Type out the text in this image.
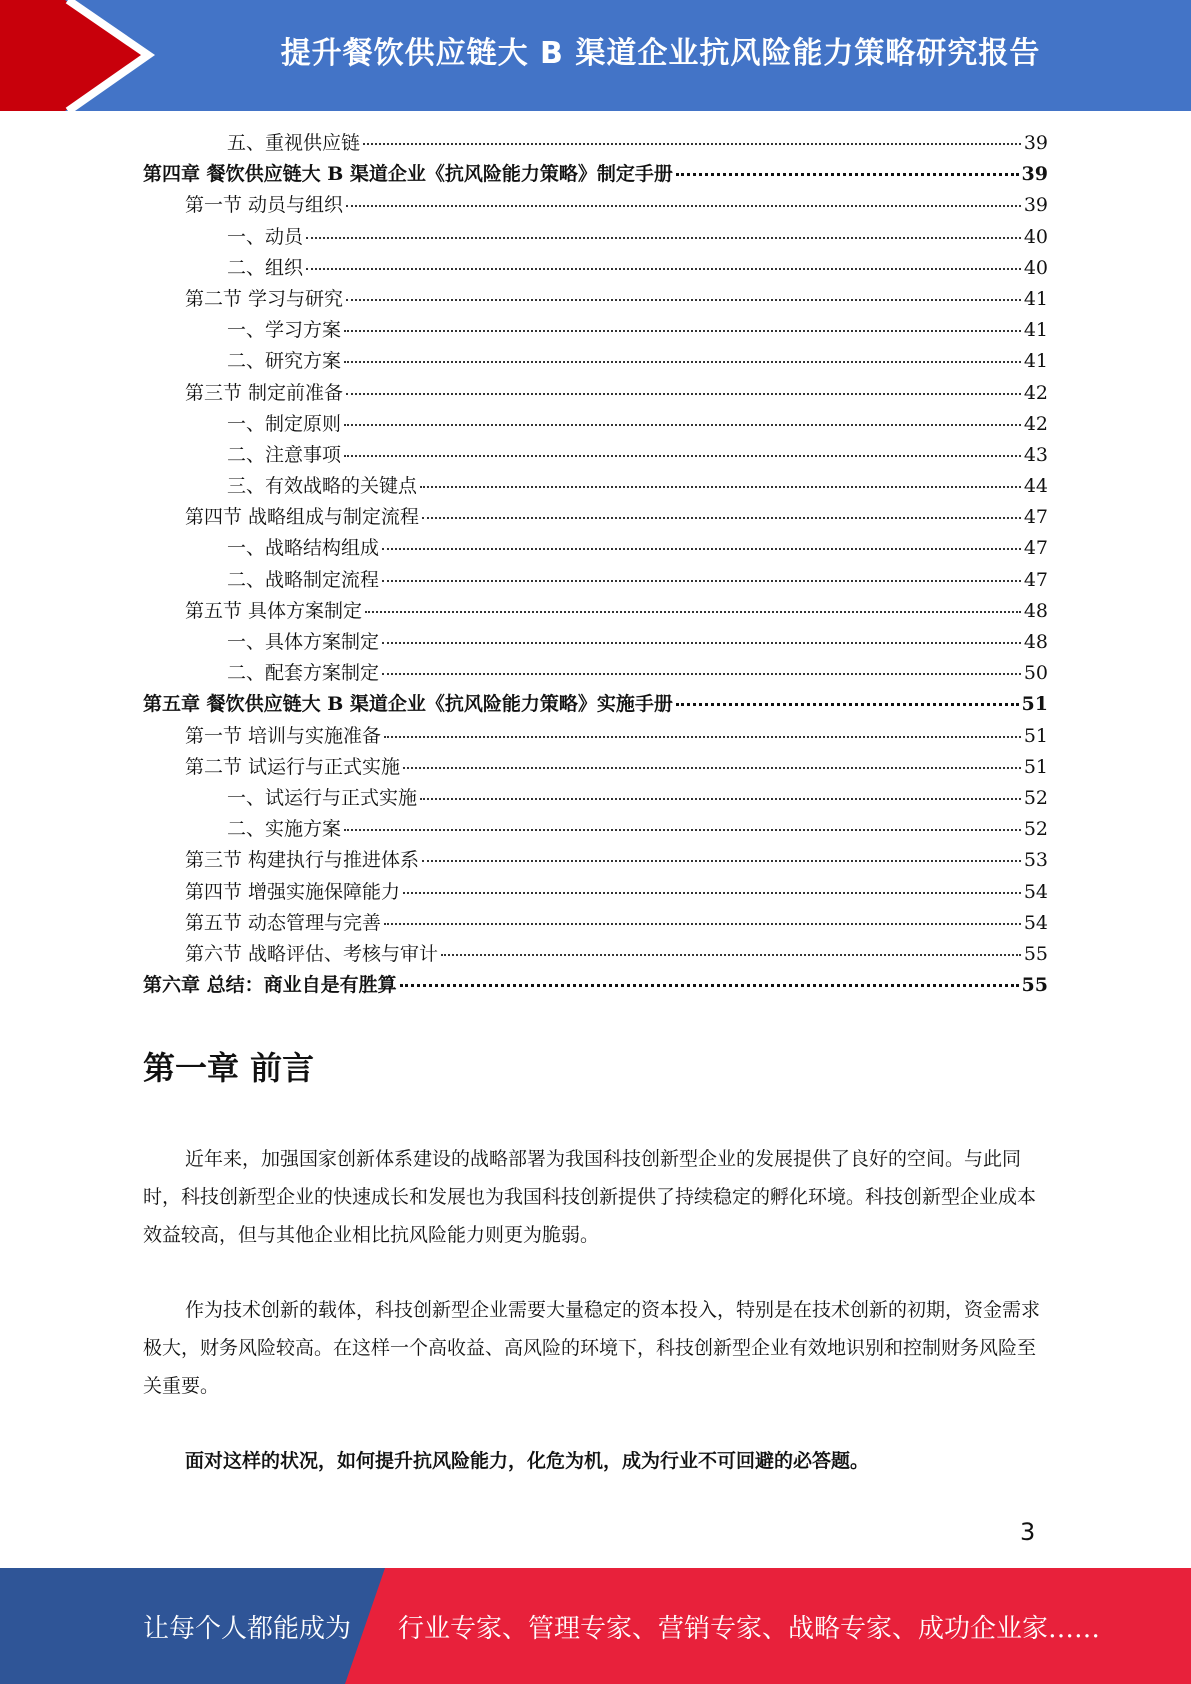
提升餐饮供应链大 B 渠道企业抗风险能力策略研究报告
五、重视供应链	39
第四章 餐饮供应链大 B 渠道企业《抗风险能力策略》制定手册	39
第一节 动员与组织	39
一、动员	40
二、组织	40
第二节 学习与研究	41
一、学习方案	41
二、研究方案	41
第三节 制定前准备	42
一、制定原则	42
二、注意事项	43
三、有效战略的关键点	44
第四节 战略组成与制定流程	47
一、战略结构组成	47
二、战略制定流程	47
第五节 具体方案制定	48
一、具体方案制定	48
二、配套方案制定	50
第五章 餐饮供应链大 B 渠道企业《抗风险能力策略》实施手册	51
第一节 培训与实施准备	51
第二节 试运行与正式实施	51
一、试运行与正式实施	52
二、实施方案	52
第三节 构建执行与推进体系	53
第四节 增强实施保障能力	54
第五节 动态管理与完善	54
第六节 战略评估、考核与审计	55
第六章 总结：商业自是有胜算	55
第一章 前言
近年来，加强国家创新体系建设的战略部署为我国科技创新型企业的发展提供了良好的空间。与此同时，科技创新型企业的快速成长和发展也为我国科技创新提供了持续稳定的孵化环境。科技创新型企业成本效益较高，但与其他企业相比抗风险能力则更为脆弱。
作为技术创新的载体，科技创新型企业需要大量稳定的资本投入，特别是在技术创新的初期，资金需求极大，财务风险较高。在这样一个高收益、高风险的环境下，科技创新型企业有效地识别和控制财务风险至关重要。
面对这样的状况，如何提升抗风险能力，化危为机，成为行业不可回避的必答题。
3
让每个人都能成为 行业专家、管理专家、营销专家、战略专家、成功企业家……
